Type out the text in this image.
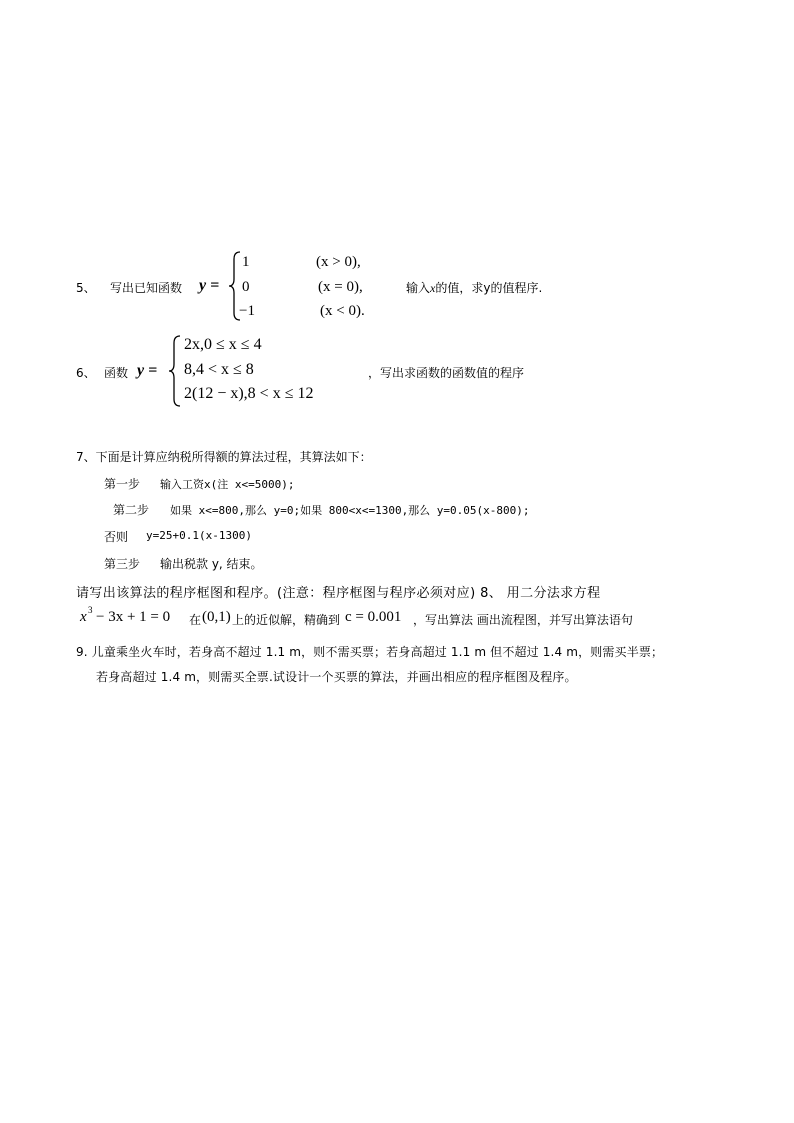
5、 写出已知函数 y =
1	(x > 0),
0	(x = 0),
−1	(x < 0).
输入x的值，求y的值程序.
6、 函数 y =
2x,0 ≤ x ≤ 4
8,4 < x ≤ 8
2(12 − x),8 < x ≤ 12
，写出求函数的函数值的程序
7、下面是计算应纳税所得额的算法过程，其算法如下：
第一步 输入工资x(注 x<=5000);
第二步 如果 x<=800,那么 y=0;如果 800<x<=1300,那么 y=0.05(x-800);
否则 y=25+0.1(x-1300)
第三步 输出税款 y, 结束。
请写出该算法的程序框图和程序。(注意：程序框图与程序必须对应) 8、 用二分法求方程
x 3 − 3x + 1 = 0 在 (0,1) 上的近似解，精确到 c = 0.001 ，写出算法 画出流程图，并写出算法语句
9. 儿童乘坐火车时，若身高不超过 1.1 m，则不需买票；若身高超过 1.1 m 但不超过 1.4 m，则需买半票；
若身高超过 1.4 m，则需买全票.试设计一个买票的算法，并画出相应的程序框图及程序。
